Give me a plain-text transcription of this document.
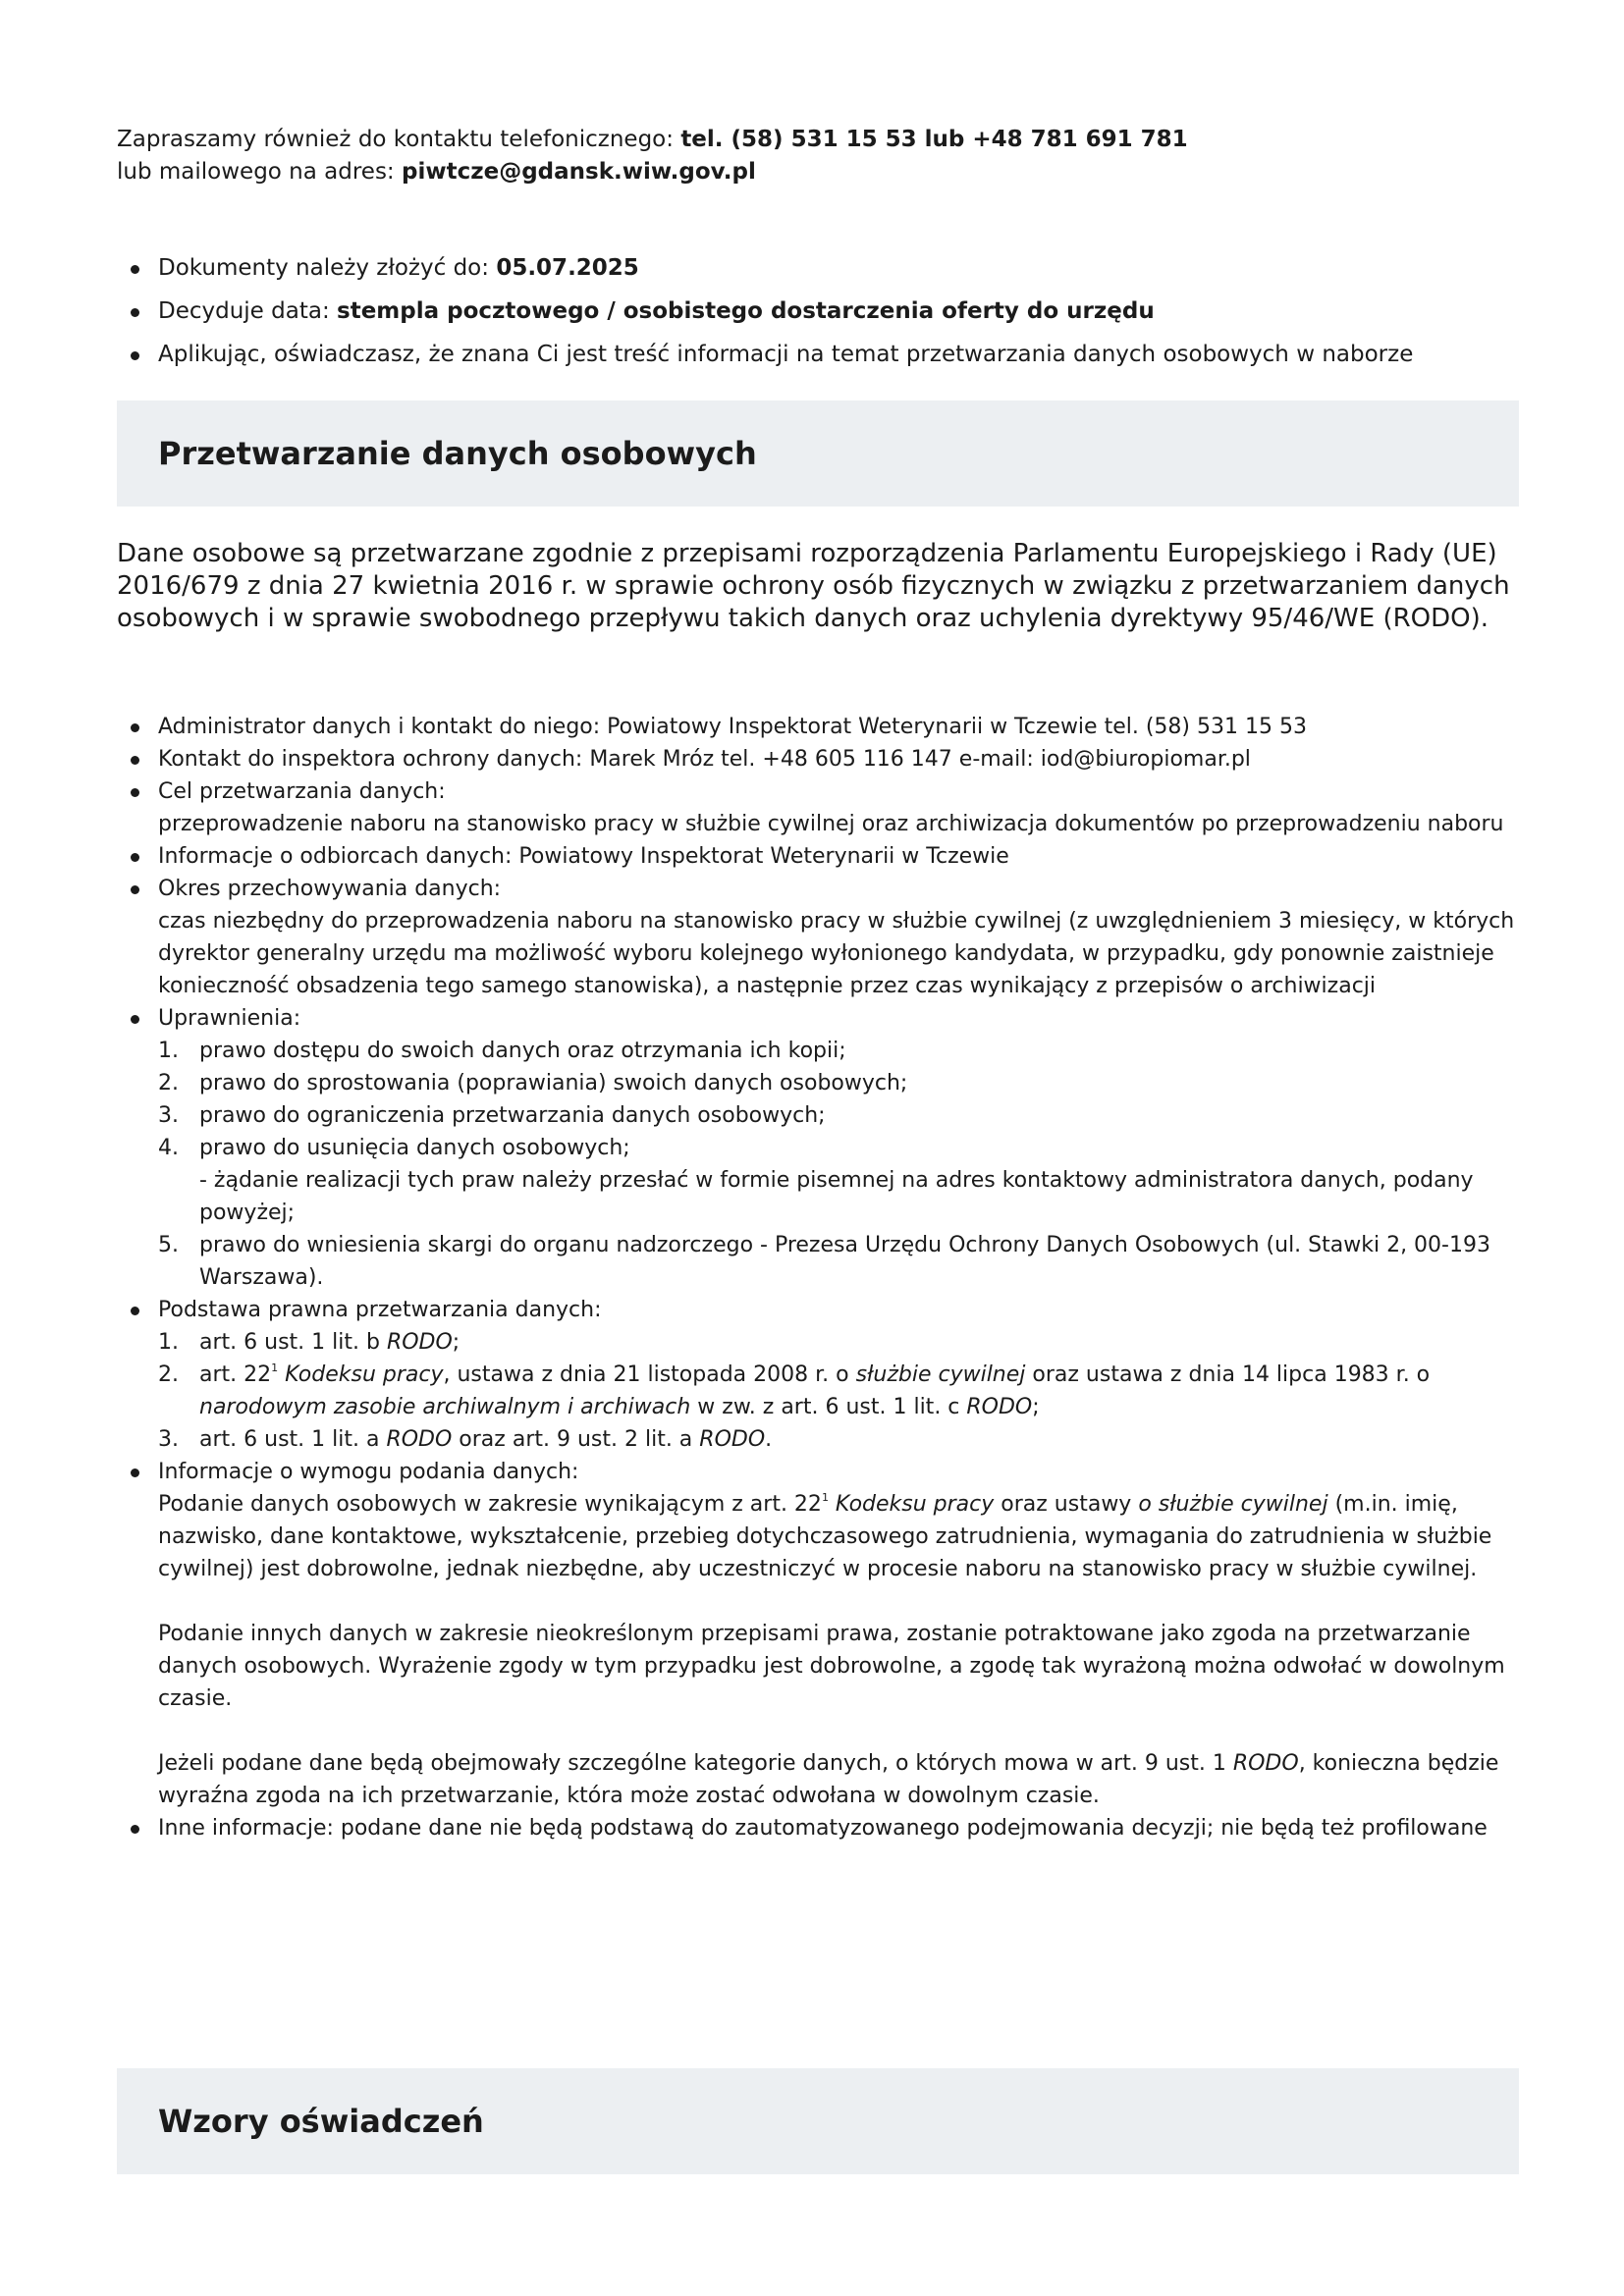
Zapraszamy również do kontaktu telefonicznego: tel. (58) 531 15 53 lub +48 781 691 781
lub mailowego na adres: piwtcze@gdansk.wiw.gov.pl
Dokumenty należy złożyć do: 05.07.2025
Decyduje data: stempla pocztowego / osobistego dostarczenia oferty do urzędu
Aplikując, oświadczasz, że znana Ci jest treść informacji na temat przetwarzania danych osobowych w naborze
Przetwarzanie danych osobowych

Dane osobowe są przetwarzane zgodnie z przepisami rozporządzenia Parlamentu Europejskiego i Rady (UE) 2016/679 z dnia 27 kwietnia 2016 r. w sprawie ochrony osób fizycznych w związku z przetwarzaniem danych osobowych i w sprawie swobodnego przepływu takich danych oraz uchylenia dyrektywy 95/46/WE (RODO).

Administrator danych i kontakt do niego: Powiatowy Inspektorat Weterynarii w Tczewie tel. (58) 531 15 53
Kontakt do inspektora ochrony danych: Marek Mróz tel. +48 605 116 147 e-mail: iod@biuropiomar.pl
Cel przetwarzania danych:
przeprowadzenie naboru na stanowisko pracy w służbie cywilnej oraz archiwizacja dokumentów po przeprowadzeniu naboru
Informacje o odbiorcach danych: Powiatowy Inspektorat Weterynarii w Tczewie
Okres przechowywania danych:
czas niezbędny do przeprowadzenia naboru na stanowisko pracy w służbie cywilnej (z uwzględnieniem 3 miesięcy, w których dyrektor generalny urzędu ma możliwość wyboru kolejnego wyłonionego kandydata, w przypadku, gdy ponownie zaistnieje konieczność obsadzenia tego samego stanowiska), a następnie przez czas wynikający z przepisów o archiwizacji
Uprawnienia:
1. prawo dostępu do swoich danych oraz otrzymania ich kopii;
2. prawo do sprostowania (poprawiania) swoich danych osobowych;
3. prawo do ograniczenia przetwarzania danych osobowych;
4. prawo do usunięcia danych osobowych;
- żądanie realizacji tych praw należy przesłać w formie pisemnej na adres kontaktowy administratora danych, podany powyżej;
5. prawo do wniesienia skargi do organu nadzorczego - Prezesa Urzędu Ochrony Danych Osobowych (ul. Stawki 2, 00-193 Warszawa).
Podstawa prawna przetwarzania danych:
1. art. 6 ust. 1 lit. b RODO;
2. art. $22^1$ Kodeksu pracy, ustawa z dnia 21 listopada 2008 r. o służbie cywilnej oraz ustawa z dnia 14 lipca 1983 r. o narodowym zasobie archiwalnym i archiwach w zw. z art. 6 ust. 1 lit. c RODO;
3. art. 6 ust. 1 lit. a RODO oraz art. 9 ust. 2 lit. a RODO.
Informacje o wymogu podania danych:
Podanie danych osobowych w zakresie wynikającym z art. $22^1$ Kodeksu pracy oraz ustawy o służbie cywilnej (m.in. imię, nazwisko, dane kontaktowe, wykształcenie, przebieg dotychczasowego zatrudnienia, wymagania do zatrudnienia w służbie cywilnej) jest dobrowolne, jednak niezbędne, aby uczestniczyć w procesie naboru na stanowisko pracy w służbie cywilnej.
Podanie innych danych w zakresie nieokreślonym przepisami prawa, zostanie potraktowane jako zgoda na przetwarzanie danych osobowych. Wyrażenie zgody w tym przypadku jest dobrowolne, a zgodę tak wyrażoną można odwołać w dowolnym czasie.
Jeżeli podane dane będą obejmowały szczególne kategorie danych, o których mowa w art. 9 ust. 1 RODO, konieczna będzie wyraźna zgoda na ich przetwarzanie, która może zostać odwołana w dowolnym czasie.
Inne informacje: podane dane nie będą podstawą do zautomatyzowanego podejmowania decyzji; nie będą też profilowane
Wzory oświadczeń
